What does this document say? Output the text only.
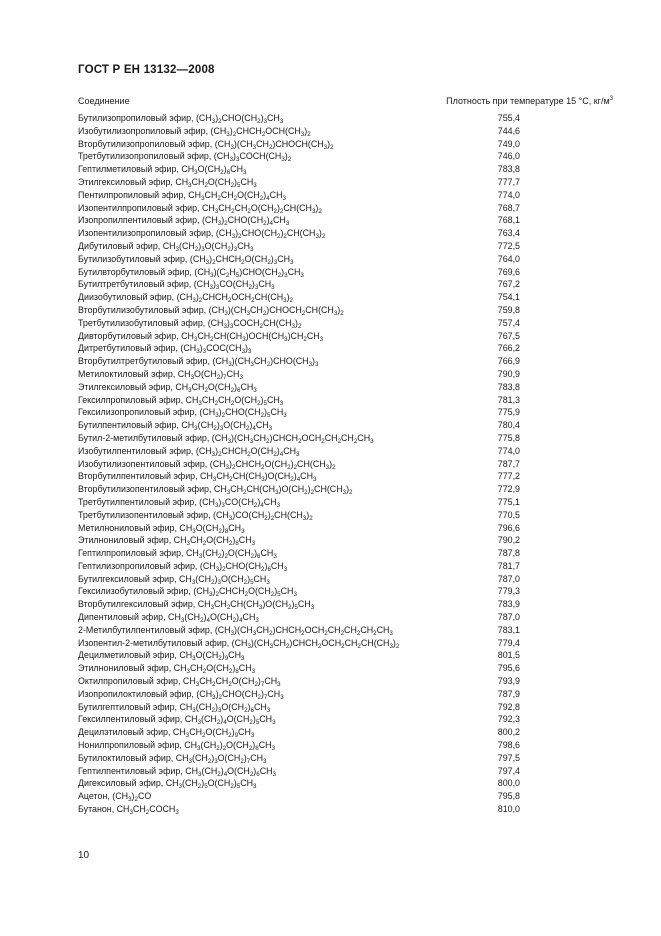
ГОСТ Р ЕН 13132—2008
Соединение	Плотность при температуре 15 °С, $кг/м^3$
Бутилизопропиловый эфир, $(CH_3)_2CHO(CH_2)_3CH_3$	755,4
Изобутилизопропиловый эфир, $(CH_3)_2CHCH_2OCH(CH_3)_2$	744,6
Вторбутилизопропиловый эфир, $(CH_3)(CH_3CH_2)CHOCH(CH_3)_2$	749,0
Третбутилизопропиловый эфир, $(CH_3)_3COCH(CH_3)_2$	746,0
Гептилметиловый эфир, $CH_3O(CH_2)_6CH_3$	783,8
Этилгексиловый эфир, $CH_3CH_2O(CH_2)_5CH_3$	777,7
Пентилпропиловый эфир, $CH_3CH_2CH_2O(CH_2)_4CH_3$	774,0
Изопентилпропиловый эфир, $CH_3CH_2CH_2O(CH_2)_2CH(CH_3)_2$	768,7
Изопропилпентиловый эфир, $(CH_3)_2CHO(CH_2)_4CH_3$	768,1
Изопентилизопропиловый эфир, $(CH_3)_2CHO(CH_2)_2CH(CH_3)_2$	763,4
Дибутиловый эфир, $CH_3(CH_2)_3O(CH_2)_3CH_3$	772,5
Бутилизобутиловый эфир, $(CH_3)_2CHCH_2O(CH_2)_3CH_3$	764,0
Бутилвторбутиловый эфир, $(CH_3)(C_2H_5)CHO(CH_2)_3CH_3$	769,6
Бутилтретбутиловый эфир, $(CH_3)_3CO(CH_2)_3CH_3$	767,2
Диизобутиловый эфир, $(CH_3)_2CHCH_2OCH_2CH(CH_3)_2$	754,1
Вторбутилизобутиловый эфир, $(CH_3)(CH_3CH_2)CHOCH_2CH(CH_3)_2$	759,8
Третбутилизобутиловый эфир, $(CH_3)_3COCH_2CH(CH_3)_2$	757,4
Дивторбутиловый эфир, $CH_3CH_2CH(CH_3)OCH(CH_3)CH_2CH_3$	767,5
Дитретбутиловый эфир, $(CH_3)_3COC(CH_3)_3$	766,2
Вторбутилтретбутиловый эфир, $(CH_3)(CH_3CH_2)CHO(CH_3)_3$	766,9
Метилоктиловый эфир, $CH_3O(CH_2)_7CH_3$	790,9
Этилгексиловый эфир, $CH_3CH_2O(CH_2)_6CH_3$	783,8
Гексилпропиловый эфир, $CH_3CH_2CH_2O(CH_2)_5CH_3$	781,3
Гексилизопропиловый эфир, $(CH_3)_2CHO(CH_2)_5CH_3$	775,9
Бутилпентиловый эфир, $CH_3(CH_2)_3O(CH_2)_4CH_3$	780,4
Бутил-2-метилбутиловый эфир, $(CH_3)(CH_3CH_2)CHCH_2OCH_2CH_2CH_2CH_3$	775,8
Изобутилпентиловый эфир, $(CH_3)_2CHCH_2O(CH_2)_4CH_3$	774,0
Изобутилизопентиловый эфир, $(CH_3)_2CHCH_2O(CH_2)_2CH(CH_3)_2$	787,7
Вторбутилпентиловый эфир, $CH_3CH_2CH(CH_3)O(CH_2)_4CH_3$	777,2
Вторбутилизопентиловый эфир, $CH_3CH_2CH(CH_3)O(CH_2)_2CH(CH_3)_2$	772,9
Третбутилпентиловый эфир, $(CH_3)_3CO(CH_2)_4CH_3$	775,1
Третбутилизопентиловый эфир, $(CH_3)CO(CH_2)_2CH(CH_3)_2$	770,5
Метилнониловый эфир, $CH_3O(CH_2)_8CH_3$	796,6
Этилнониловый эфир, $CH_3CH_2O(CH_2)_8CH_3$	790,2
Гептилпропиловый эфир, $CH_3(CH_2)_2O(CH_2)_6CH_3$	787,8
Гептилизопропиловый эфир, $(CH_3)_2CHO(CH_2)_6CH_3$	781,7
Бутилгексиловый эфир, $CH_3(CH_2)_3O(CH_2)_5CH_3$	787,0
Гексилизобутиловый эфир, $(CH_3)_2CHCH_2O(CH_2)_5CH_3$	779,3
Вторбутилгексиловый эфир, $CH_3CH_2CH(CH_3)O(CH_2)_5CH_3$	783,9
Дипентиловый эфир, $CH_3(CH_2)_4O(CH_2)_4CH_3$	787,0
2-Метилбутилпентиловый эфир, $(CH_3)(CH_3CH_2)CHCH_2OCH_2CH_2CH_2CH_2CH_3$	783,1
Изопентил-2-метилбутиловый эфир, $(CH_3)(CH_3CH_2)CHCH_2OCH_2CH_2CH(CH_3)_2$	779,4
Децилметиловый эфир, $CH_3O(CH_2)_9CH_3$	801,5
Этилнониловый эфир, $CH_3CH_2O(CH_2)_8CH_3$	795,6
Октилпропиловый эфир, $CH_3CH_2CH_2O(CH_2)_7CH_3$	793,9
Изопропилоктиловый эфир, $(CH_3)_2CHO(CH_2)_7CH_3$	787,9
Бутилгептиловый эфир, $CH_3(CH_2)_3O(CH_2)_6CH_3$	792,8
Гексилпентиловый эфир, $CH_3(CH_2)_4O(CH_2)_5CH_3$	792,3
Децилэтиловый эфир, $CH_3CH_2O(CH_2)_9CH_3$	800,2
Нонилпропиловый эфир, $CH_3(CH_2)_2O(CH_2)_8CH_3$	798,6
Бутилоктиловый эфир, $CH_3(CH_2)_3O(CH_2)_7CH_3$	797,5
Гептилпентиловый эфир, $CH_3(CH_2)_4O(CH_2)_6CH_3$	797,4
Дигексиловый эфир, $CH_3(CH_2)_5O(CH_2)_5CH_3$	800,0
Ацетон, $(CH_3)_2CO$	795,8
Бутанон, $CH_3CH_2COCH_3$	810,0
10
